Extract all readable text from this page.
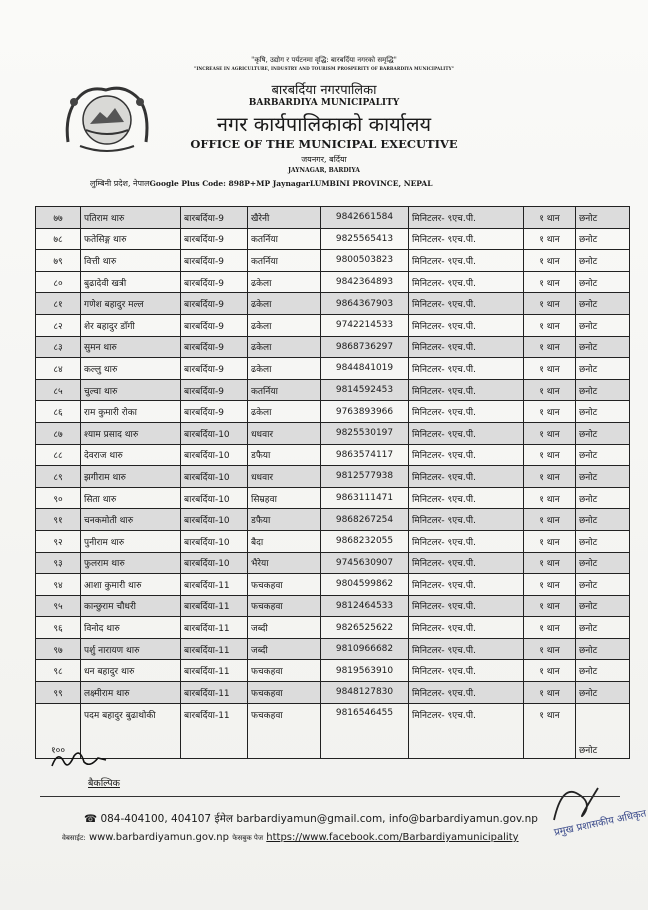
"कृषि, उद्योग र पर्यटनमा वृद्धि: बारबर्दिया नगरको समृद्धि"
"INCREASE IN AGRICULTURE, INDUSTRY AND TOURISM PROSPERITY OF BARBARDIYA MUNICIPALITY"
बारबर्दिया नगरपालिका
BARBARDIYA MUNICIPALITY
नगर कार्यपालिकाको कार्यालय
OFFICE OF THE MUNICIPAL EXECUTIVE
जयनगर, बर्दिया
JAYNAGAR, BARDIYA
लुम्बिनी प्रदेश, नेपालGoogle Plus Code: 898P+MP JaynagarLUMBINI PROVINCE, NEPAL
७७	पतिराम थारु	बारबर्दिया-9	खैरेनी	9842661584	मिनिटलर- ९एच.पी.	१ थान	छनोट
७८	फतेसिङ्ग थारु	बारबर्दिया-9	कतर्निया	9825565413	मिनिटलर- ९एच.पी.	१ थान	छनोट
७९	वित्ती थारु	बारबर्दिया-9	कतर्निया	9800503823	मिनिटलर- ९एच.पी.	१ थान	छनोट
८०	बुढादेवी खत्री	बारबर्दिया-9	ढकेला	9842364893	मिनिटलर- ९एच.पी.	१ थान	छनोट
८१	गणेश बहादुर मल्ल	बारबर्दिया-9	ढकेला	9864367903	मिनिटलर- ९एच.पी.	१ थान	छनोट
८२	शेर बहादुर डाँगी	बारबर्दिया-9	ढकेला	9742214533	मिनिटलर- ९एच.पी.	१ थान	छनोट
८३	सुमन थारु	बारबर्दिया-9	ढकेला	9868736297	मिनिटलर- ९एच.पी.	१ थान	छनोट
८४	कल्लु थारु	बारबर्दिया-9	ढकेला	9844841019	मिनिटलर- ९एच.पी.	१ थान	छनोट
८५	चुल्वा थारु	बारबर्दिया-9	कतर्निया	9814592453	मिनिटलर- ९एच.पी.	१ थान	छनोट
८६	राम कुमारी रोका	बारबर्दिया-9	ढकेला	9763893966	मिनिटलर- ९एच.पी.	१ थान	छनोट
८७	श्याम प्रसाद थारु	बारबर्दिया-10	धधवार	9825530197	मिनिटलर- ९एच.पी.	१ थान	छनोट
८८	देवराज थारु	बारबर्दिया-10	डफैया	9863574117	मिनिटलर- ९एच.पी.	१ थान	छनोट
८९	झगीराम थारु	बारबर्दिया-10	धधवार	9812577938	मिनिटलर- ९एच.पी.	१ थान	छनोट
९०	सिता थारु	बारबर्दिया-10	सिम्रहवा	9863111471	मिनिटलर- ९एच.पी.	१ थान	छनोट
९१	चनकमोती थारु	बारबर्दिया-10	डफैया	9868267254	मिनिटलर- ९एच.पी.	१ थान	छनोट
९२	पुनीराम थारु	बारबर्दिया-10	बैदा	9868232055	मिनिटलर- ९एच.पी.	१ थान	छनोट
९३	फुलराम थारु	बारबर्दिया-10	भैरेया	9745630907	मिनिटलर- ९एच.पी.	१ थान	छनोट
९४	आशा कुमारी थारु	बारबर्दिया-11	फचकहवा	9804599862	मिनिटलर- ९एच.पी.	१ थान	छनोट
९५	कान्छुराम चौधरी	बारबर्दिया-11	फचकहवा	9812464533	मिनिटलर- ९एच.पी.	१ थान	छनोट
९६	विनोद थारु	बारबर्दिया-11	जब्दी	9826525622	मिनिटलर- ९एच.पी.	१ थान	छनोट
९७	पर्शु नारायण थारु	बारबर्दिया-11	जब्दी	9810966682	मिनिटलर- ९एच.पी.	१ थान	छनोट
९८	धन बहादुर थारु	बारबर्दिया-11	फचकहवा	9819563910	मिनिटलर- ९एच.पी.	१ थान	छनोट
९९	लक्ष्मीराम थारु	बारबर्दिया-11	फचकहवा	9848127830	मिनिटलर- ९एच.पी.	१ थान	छनोट
१००	पदम बहादुर बुढाथोकी	बारबर्दिया-11	फचकहवा	9816546455	मिनिटलर- ९एच.पी.	१ थान	छनोट
बैकल्पिक
प्रमुख प्रशासकीय अधिकृत
☎ 084-404100, 404107 ईमेल barbardiyamun@gmail.com, info@barbardiyamun.gov.np
वेबसाईट: www.barbardiyamun.gov.np फेसबुक पेज https://www.facebook.com/Barbardiyamunicipality
